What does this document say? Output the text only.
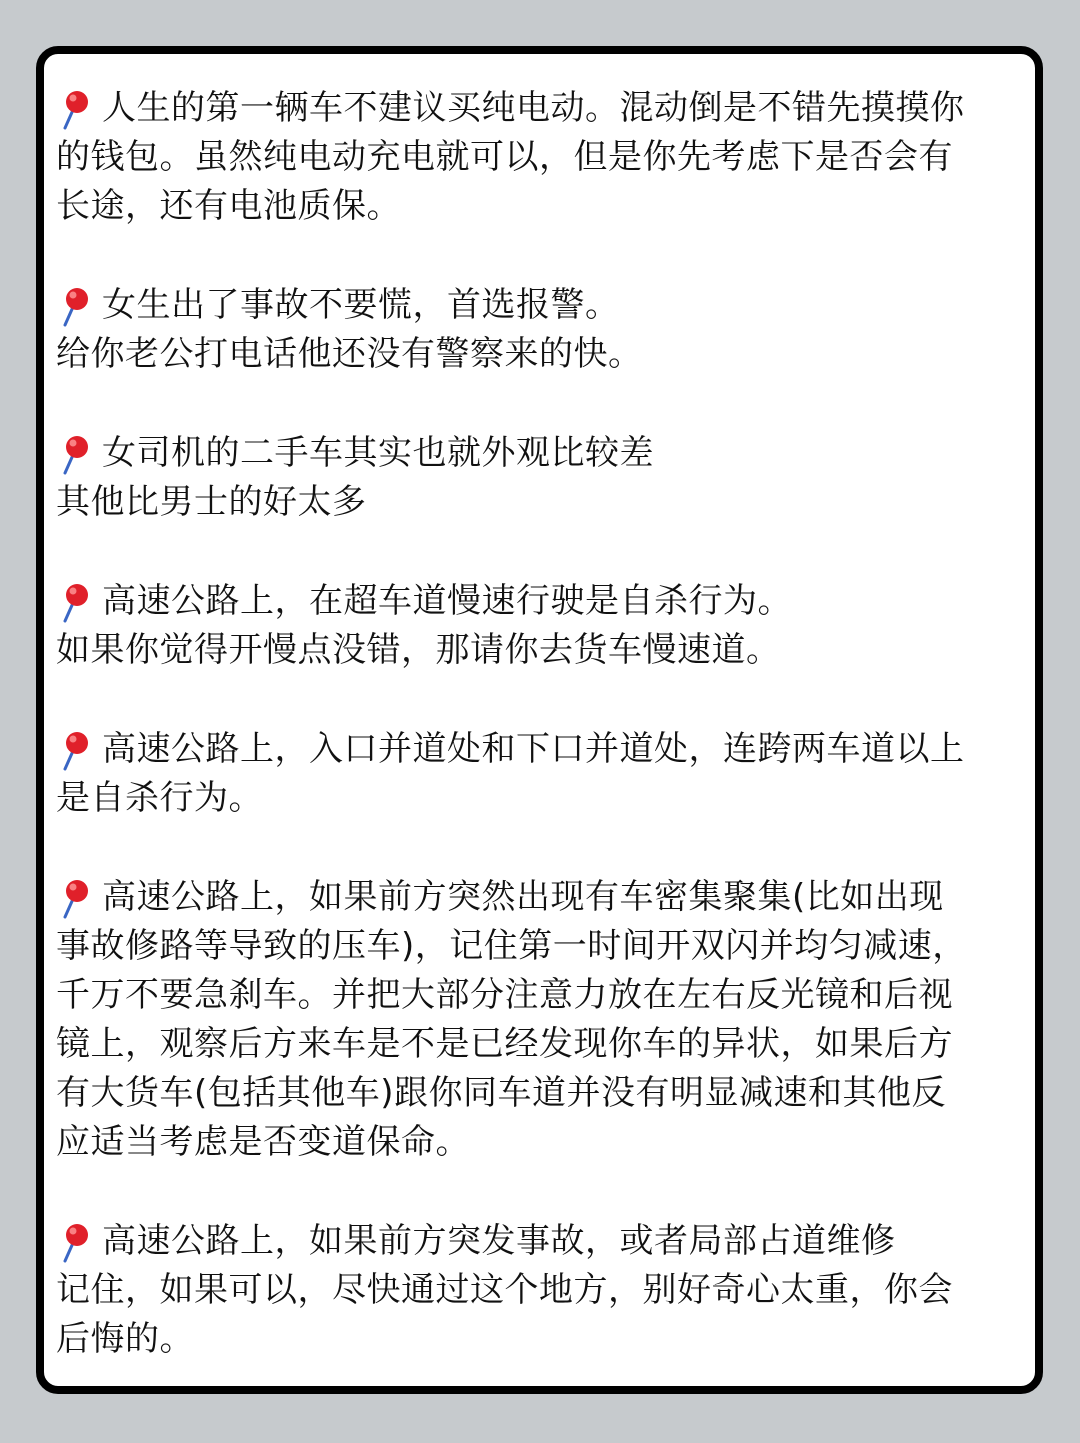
人生的第一辆车不建议买纯电动。混动倒是不错先摸摸你
的钱包。虽然纯电动充电就可以，但是你先考虑下是否会有
长途，还有电池质保。
女生出了事故不要慌，首选报警。
给你老公打电话他还没有警察来的快。
女司机的二手车其实也就外观比较差
其他比男士的好太多
高速公路上，在超车道慢速行驶是自杀行为。
如果你觉得开慢点没错，那请你去货车慢速道。
高速公路上，入口并道处和下口并道处，连跨两车道以上
是自杀行为。
高速公路上，如果前方突然出现有车密集聚集(比如出现
事故修路等导致的压车)，记住第一时间开双闪并均匀减速，
千万不要急刹车。并把大部分注意力放在左右反光镜和后视
镜上，观察后方来车是不是已经发现你车的异状，如果后方
有大货车(包括其他车)跟你同车道并没有明显减速和其他反
应适当考虑是否变道保命。
高速公路上，如果前方突发事故，或者局部占道维修
记住，如果可以，尽快通过这个地方，别好奇心太重，你会
后悔的。
